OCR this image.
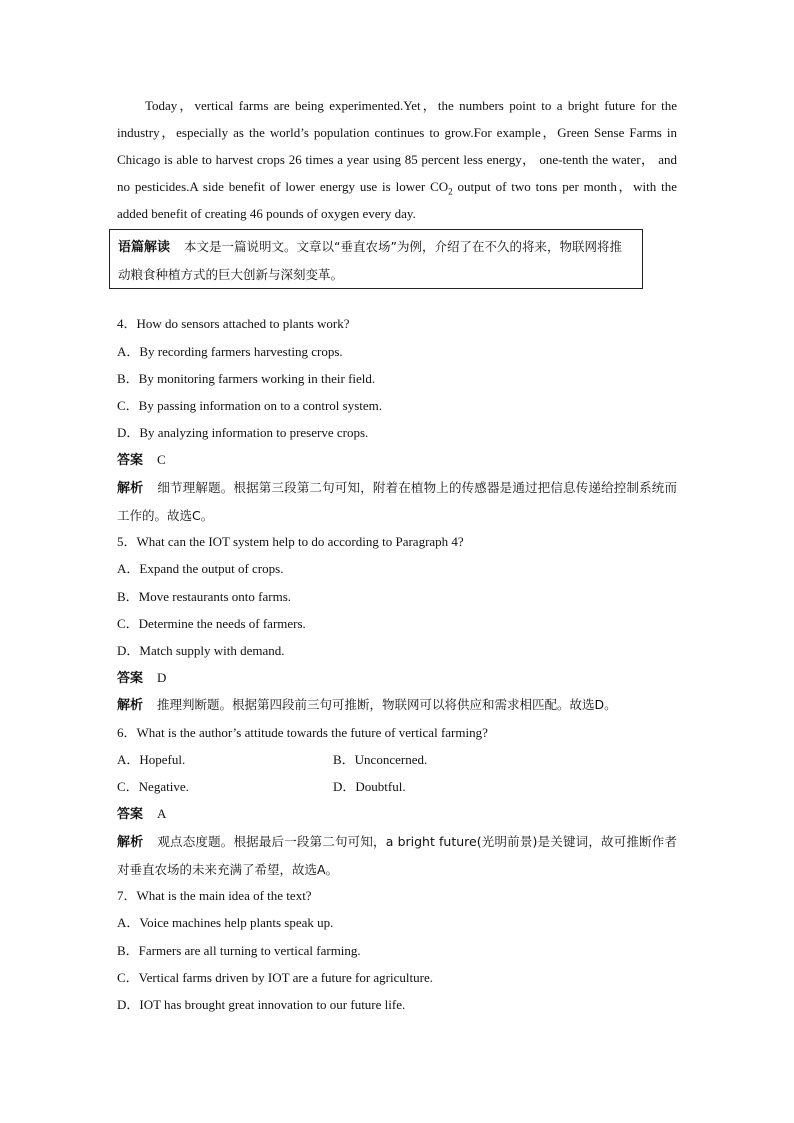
Today，vertical farms are being experimented.Yet，the numbers point to a bright future for the industry，especially as the world’s population continues to grow.For example，Green Sense Farms in Chicago is able to harvest crops 26 times a year using 85 percent less energy， one-tenth the water， and no pesticides.A side benefit of lower energy use is lower $CO_2$ output of two tons per month，with the added benefit of creating 46 pounds of oxygen every day.
语篇解读 本文是一篇说明文。文章以“垂直农场”为例，介绍了在不久的将来，物联网将推动粮食种植方式的巨大创新与深刻变革。
4．How do sensors attached to plants work?
A．By recording farmers harvesting crops.
B．By monitoring farmers working in their field.
C．By passing information on to a control system.
D．By analyzing information to preserve crops.
答案 C
解析 细节理解题。根据第三段第二句可知，附着在植物上的传感器是通过把信息传递给控制系统而工作的。故选C。
5．What can the IOT system help to do according to Paragraph 4?
A．Expand the output of crops.
B．Move restaurants onto farms.
C．Determine the needs of farmers.
D．Match supply with demand.
答案 D
解析 推理判断题。根据第四段前三句可推断，物联网可以将供应和需求相匹配。故选D。
6．What is the author’s attitude towards the future of vertical farming?
A．Hopeful.	B．Unconcerned.
C．Negative.	D．Doubtful.
答案 A
解析 观点态度题。根据最后一段第二句可知，a bright future(光明前景)是关键词，故可推断作者对垂直农场的未来充满了希望，故选A。
7．What is the main idea of the text?
A．Voice machines help plants speak up.
B．Farmers are all turning to vertical farming.
C．Vertical farms driven by IOT are a future for agriculture.
D．IOT has brought great innovation to our future life.
